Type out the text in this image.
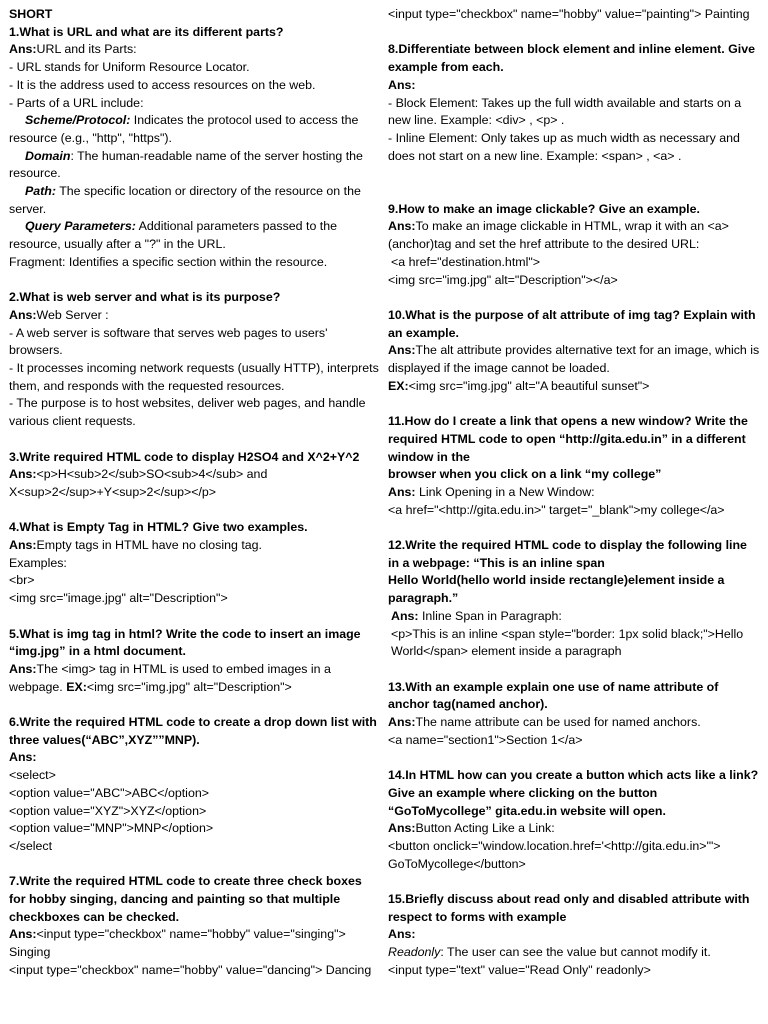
SHORT

1.What is URL and what are its different parts?

Ans:URL and its Parts:

- URL stands for Uniform Resource Locator.

- It is the address used to access resources on the web.

- Parts of a URL include:

Scheme/Protocol: Indicates the protocol used to access the resource (e.g., "http", "https").

Domain: The human-readable name of the server hosting the resource.

Path: The specific location or directory of the resource on the server.

Query Parameters: Additional parameters passed to the resource, usually after a "?" in the URL.

Fragment: Identifies a specific section within the resource.

2.What is web server and what is its purpose?

Ans:Web Server :

- A web server is software that serves web pages to users' browsers.

- It processes incoming network requests (usually HTTP), interprets them, and responds with the requested resources.

- The purpose is to host websites, deliver web pages, and handle various client requests.

3.Write required HTML code to display H2SO4 and X^2+Y^2

Ans:<p>H<sub>2</sub>SO<sub>4</sub> and X<sup>2</sup>+Y<sup>2</sup></p>

4.What is Empty Tag in HTML? Give two examples.

Ans:Empty tags in HTML have no closing tag.

Examples:

<br>

<img src="image.jpg" alt="Description">

5.What is img tag in html? Write the code to insert an image “img.jpg” in a html document.

Ans:The <img> tag in HTML is used to embed images in a webpage. EX:<img src="img.jpg" alt="Description">

6.Write the required HTML code to create a drop down list with three values(“ABC”,XYZ””MNP).

Ans:

<select>

<option value="ABC">ABC</option>

<option value="XYZ">XYZ</option>

<option value="MNP">MNP</option>

</select

7.Write the required HTML code to create three check boxes for hobby singing, dancing and painting so that multiple checkboxes can be checked.

Ans:<input type="checkbox" name="hobby" value="singing"> Singing

<input type="checkbox" name="hobby" value="dancing"> Dancing

<input type="checkbox" name="hobby" value="painting"> Painting

8.Differentiate between block element and inline element. Give example from each.

Ans:

- Block Element: Takes up the full width available and starts on a new line. Example: <div> , <p> .

- Inline Element: Only takes up as much width as necessary and does not start on a new line. Example: <span> , <a> .

9.How to make an image clickable? Give an example.

Ans:To make an image clickable in HTML, wrap it with an <a> (anchor)tag and set the href attribute to the desired URL:

<a href="destination.html">

<img src="img.jpg" alt="Description"></a>

10.What is the purpose of alt attribute of img tag? Explain with an example.

Ans:The alt attribute provides alternative text for an image, which is displayed if the image cannot be loaded.

EX:<img src="img.jpg" alt="A beautiful sunset">

11.How do I create a link that opens a new window? Write the required HTML code to open “http://gita.edu.in” in a different window in the

browser when you click on a link “my college”

Ans: Link Opening in a New Window:

<a href="<http://gita.edu.in>" target="_blank">my college</a>

12.Write the required HTML code to display the following line in a webpage: “This is an inline span

Hello World(hello world inside rectangle)element inside a paragraph.”

Ans: Inline Span in Paragraph:

<p>This is an inline <span style="border: 1px solid black;">Hello World</span> element inside a paragraph

13.With an example explain one use of name attribute of anchor tag(named anchor).

Ans:The name attribute can be used for named anchors.

<a name="section1">Section 1</a>

14.In HTML how can you create a button which acts like a link? Give an example where clicking on the button “GoToMycollege” gita.edu.in website will open.

Ans:Button Acting Like a Link:

<button onclick="window.location.href='<http://gita.edu.in>'"> GoToMycollege</button>

15.Briefly discuss about read only and disabled attribute with respect to forms with example

Ans:

Readonly: The user can see the value but cannot modify it.

<input type="text" value="Read Only" readonly>
